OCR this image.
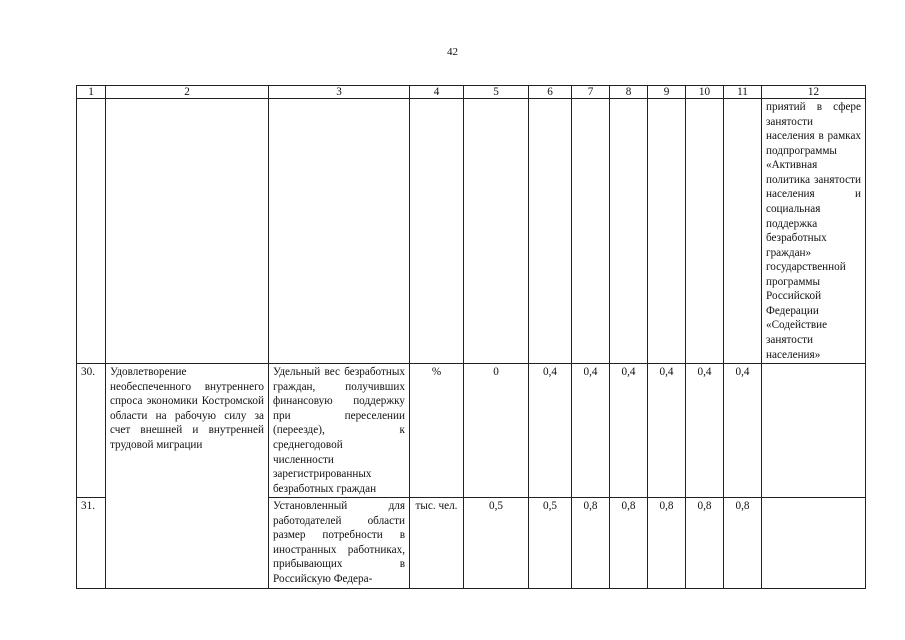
42
1	2	3	4	5	6	7	8	9	10	11	12
											приятий в сфере занятости населения в рамках подпрограммы «Активная политика занятости населения и социальная поддержка безработных граждан» государственной программы Российской Федерации «Содействие занятости населения»
30.	Удовлетворение необеспеченного внутреннего спроса экономики Костромской области на рабочую силу за счет внешней и внутренней трудовой миграции	Удельный вес безработных граждан, получивших финансовую поддержку при переселении (переезде), к среднегодовой численности зарегистрированных безработных граждан	%	0	0,4	0,4	0,4	0,4	0,4	0,4	
31.		Установленный для работодателей области размер потребности в иностранных работниках, прибывающих в Российскую Федера-	тыс. чел.	0,5	0,5	0,8	0,8	0,8	0,8	0,8	
